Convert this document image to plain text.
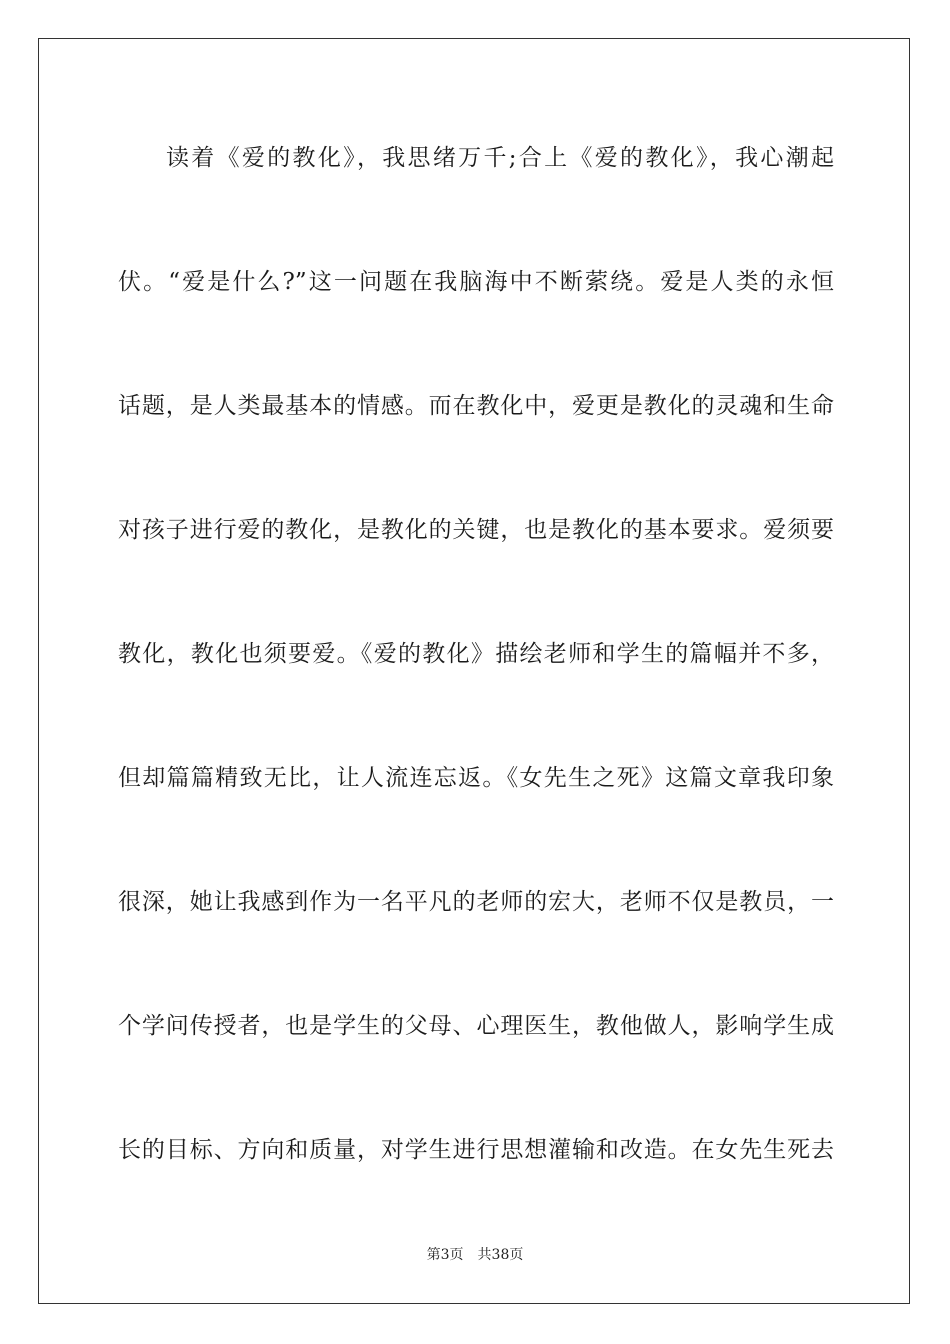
读着《爱的教化》，我思绪万千;合上《爱的教化》，我心潮起
伏。“爱是什么?”这一问题在我脑海中不断萦绕。爱是人类的永恒
话题，是人类最基本的情感。而在教化中，爱更是教化的灵魂和生命
对孩子进行爱的教化，是教化的关键，也是教化的基本要求。爱须要
教化，教化也须要爱。《爱的教化》描绘老师和学生的篇幅并不多，
但却篇篇精致无比，让人流连忘返。《女先生之死》这篇文章我印象
很深，她让我感到作为一名平凡的老师的宏大，老师不仅是教员，一
个学问传授者，也是学生的父母、心理医生，教他做人，影响学生成
长的目标、方向和质量，对学生进行思想灌输和改造。在女先生死去
第3页 共38页
